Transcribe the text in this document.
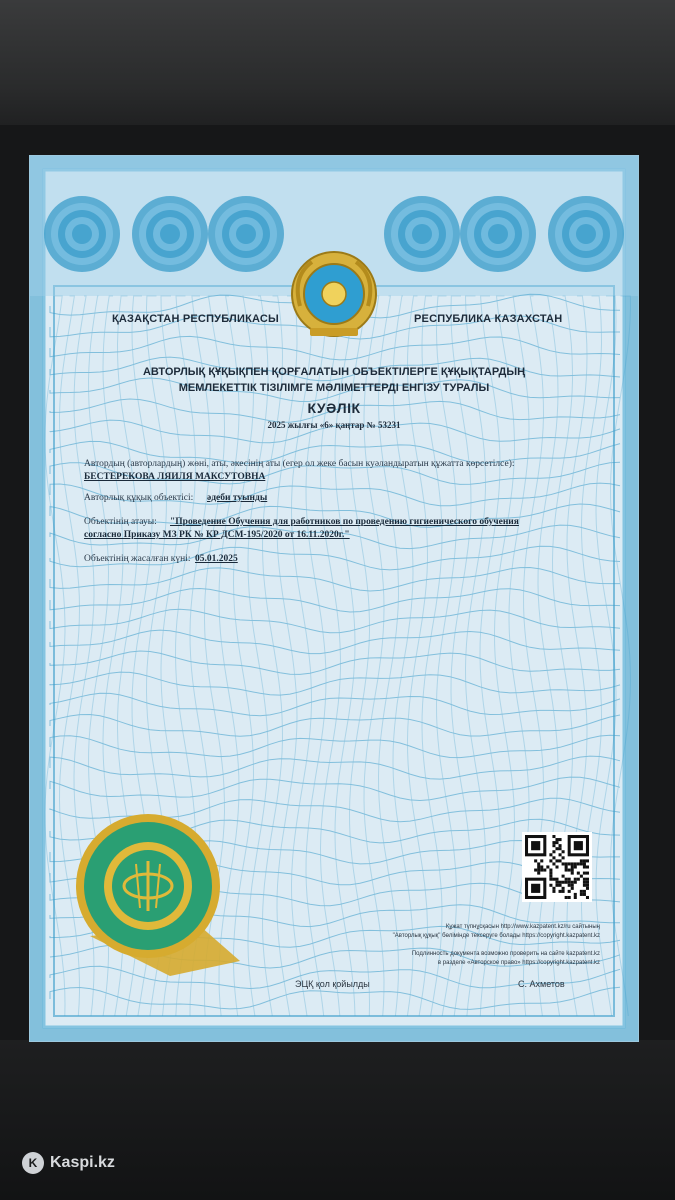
ҚАЗАҚСТАН РЕСПУБЛИКАСЫ	РЕСПУБЛИКА КАЗАХСТАН
АВТОРЛЫҚ ҚҰҚЫҚПЕН ҚОРҒАЛАТЫН ОБЪЕКТІЛЕРГЕ ҚҰҚЫҚТАРДЫҢ
МЕМЛЕКЕТТІК ТІЗІЛІМГЕ МӘЛІМЕТТЕРДІ ЕНГІЗУ ТУРАЛЫ
КУӘЛІК
2025 жылғы «6» қаңтар № 53231
Автордың (авторлардың) жөні, аты, әкесінің аты (егер ол жеке басын куәландыратын құжатта көрсетілсе):
БЕСТЕРЕКОВА ЛЯИЛЯ МАКСУТОВНА
Авторлық құқық объектісі: әдеби туынды
Объектінің атауы: "Проведение Обучения для работников по проведению гигиенического обучения
согласно Приказу МЗ РК № КР ДСМ-195/2020 от 16.11.2020г."
Объектінің жасалған күні: 05.01.2025
Құжат түпнұсқасын http://www.kazpatent.kz/ru сайтының
"Авторлық құқық" бөлімінде тексеруге болады https://copyright.kazpatent.kz
Подлинность документа возможно проверить на сайте kazpatent.kz
в разделе «Авторское право» https://copyright.kazpatent.kz
ЭЦҚ қол қойылды	С. Ахметов
K
Kaspi.kz
